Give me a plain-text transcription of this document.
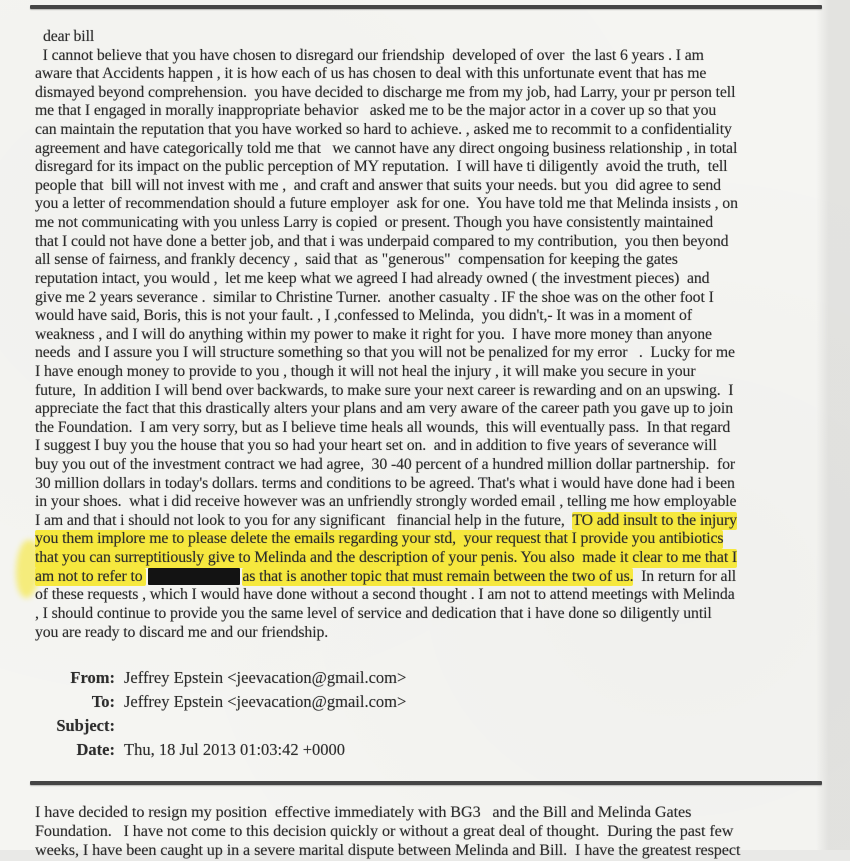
dear bill
I cannot believe that you have chosen to disregard our friendship  developed of over  the last 6 years . I am
aware that Accidents happen , it is how each of us has chosen to deal with this unfortunate event that has me
dismayed beyond comprehension.  you have decided to discharge me from my job, had Larry, your pr person tell
me that I engaged in morally inappropriate behavior   asked me to be the major actor in a cover up so that you
can maintain the reputation that you have worked so hard to achieve. , asked me to recommit to a confidentiality
agreement and have categorically told me that   we cannot have any direct ongoing business relationship , in total
disregard for its impact on the public perception of MY reputation.  I will have ti diligently  avoid the truth,  tell
people that  bill will not invest with me ,  and craft and answer that suits your needs. but you  did agree to send
you a letter of recommendation should a future employer  ask for one.  You have told me that Melinda insists , on
me not communicating with you unless Larry is copied  or present. Though you have consistently maintained
that I could not have done a better job, and that i was underpaid compared to my contribution,  you then beyond
all sense of fairness, and frankly decency ,  said that  as "generous"  compensation for keeping the gates
reputation intact, you would ,  let me keep what we agreed I had already owned ( the investment pieces)  and
give me 2 years severance .  similar to Christine Turner.  another casualty . IF the shoe was on the other foot I
would have said, Boris, this is not your fault. , I ,confessed to Melinda,  you didn't,- It was in a moment of
weakness , and I will do anything within my power to make it right for you.  I have more money than anyone
needs  and I assure you I will structure something so that you will not be penalized for my error   .  Lucky for me
I have enough money to provide to you , though it will not heal the injury , it will make you secure in your
future,  In addition I will bend over backwards, to make sure your next career is rewarding and on an upswing.  I
appreciate the fact that this drastically alters your plans and am very aware of the career path you gave up to join
the Foundation.  I am very sorry, but as I believe time heals all wounds,  this will eventually pass.  In that regard
I suggest I buy you the house that you so had your heart set on.  and in addition to five years of severance will
buy you out of the investment contract we had agree,  30 -40 percent of a hundred million dollar partnership.  for
30 million dollars in today's dollars. terms and conditions to be agreed. That's what i would have done had i been
in your shoes.  what i did receive however was an unfriendly strongly worded email , telling me how employable
I am and that i should not look to you for any significant   financial help in the future, TO add insult to the injury
you them implore me to please delete the emails regarding your std,  your request that I provide you antibiotics
that you can surreptitiously give to Melinda and the description of your penis. You also  made it clear to me that I
am not to refer to	as that is another topic that must remain between the two of us. In return for all
of these requests , which I would have done without a second thought . I am not to attend meetings with Melinda
, I should continue to provide you the same level of service and dedication that i have done so diligently until
you are ready to discard me and our friendship.
From: Jeffrey Epstein <jeevacation@gmail.com>
To: Jeffrey Epstein <jeevacation@gmail.com>
Subject:
Date: Thu, 18 Jul 2013 01:03:42 +0000
I have decided to resign my position  effective immediately with BG3   and the Bill and Melinda Gates
Foundation.   I have not come to this decision quickly or without a great deal of thought.  During the past few
weeks, I have been caught up in a severe marital dispute between Melinda and Bill.  I have the greatest respect
